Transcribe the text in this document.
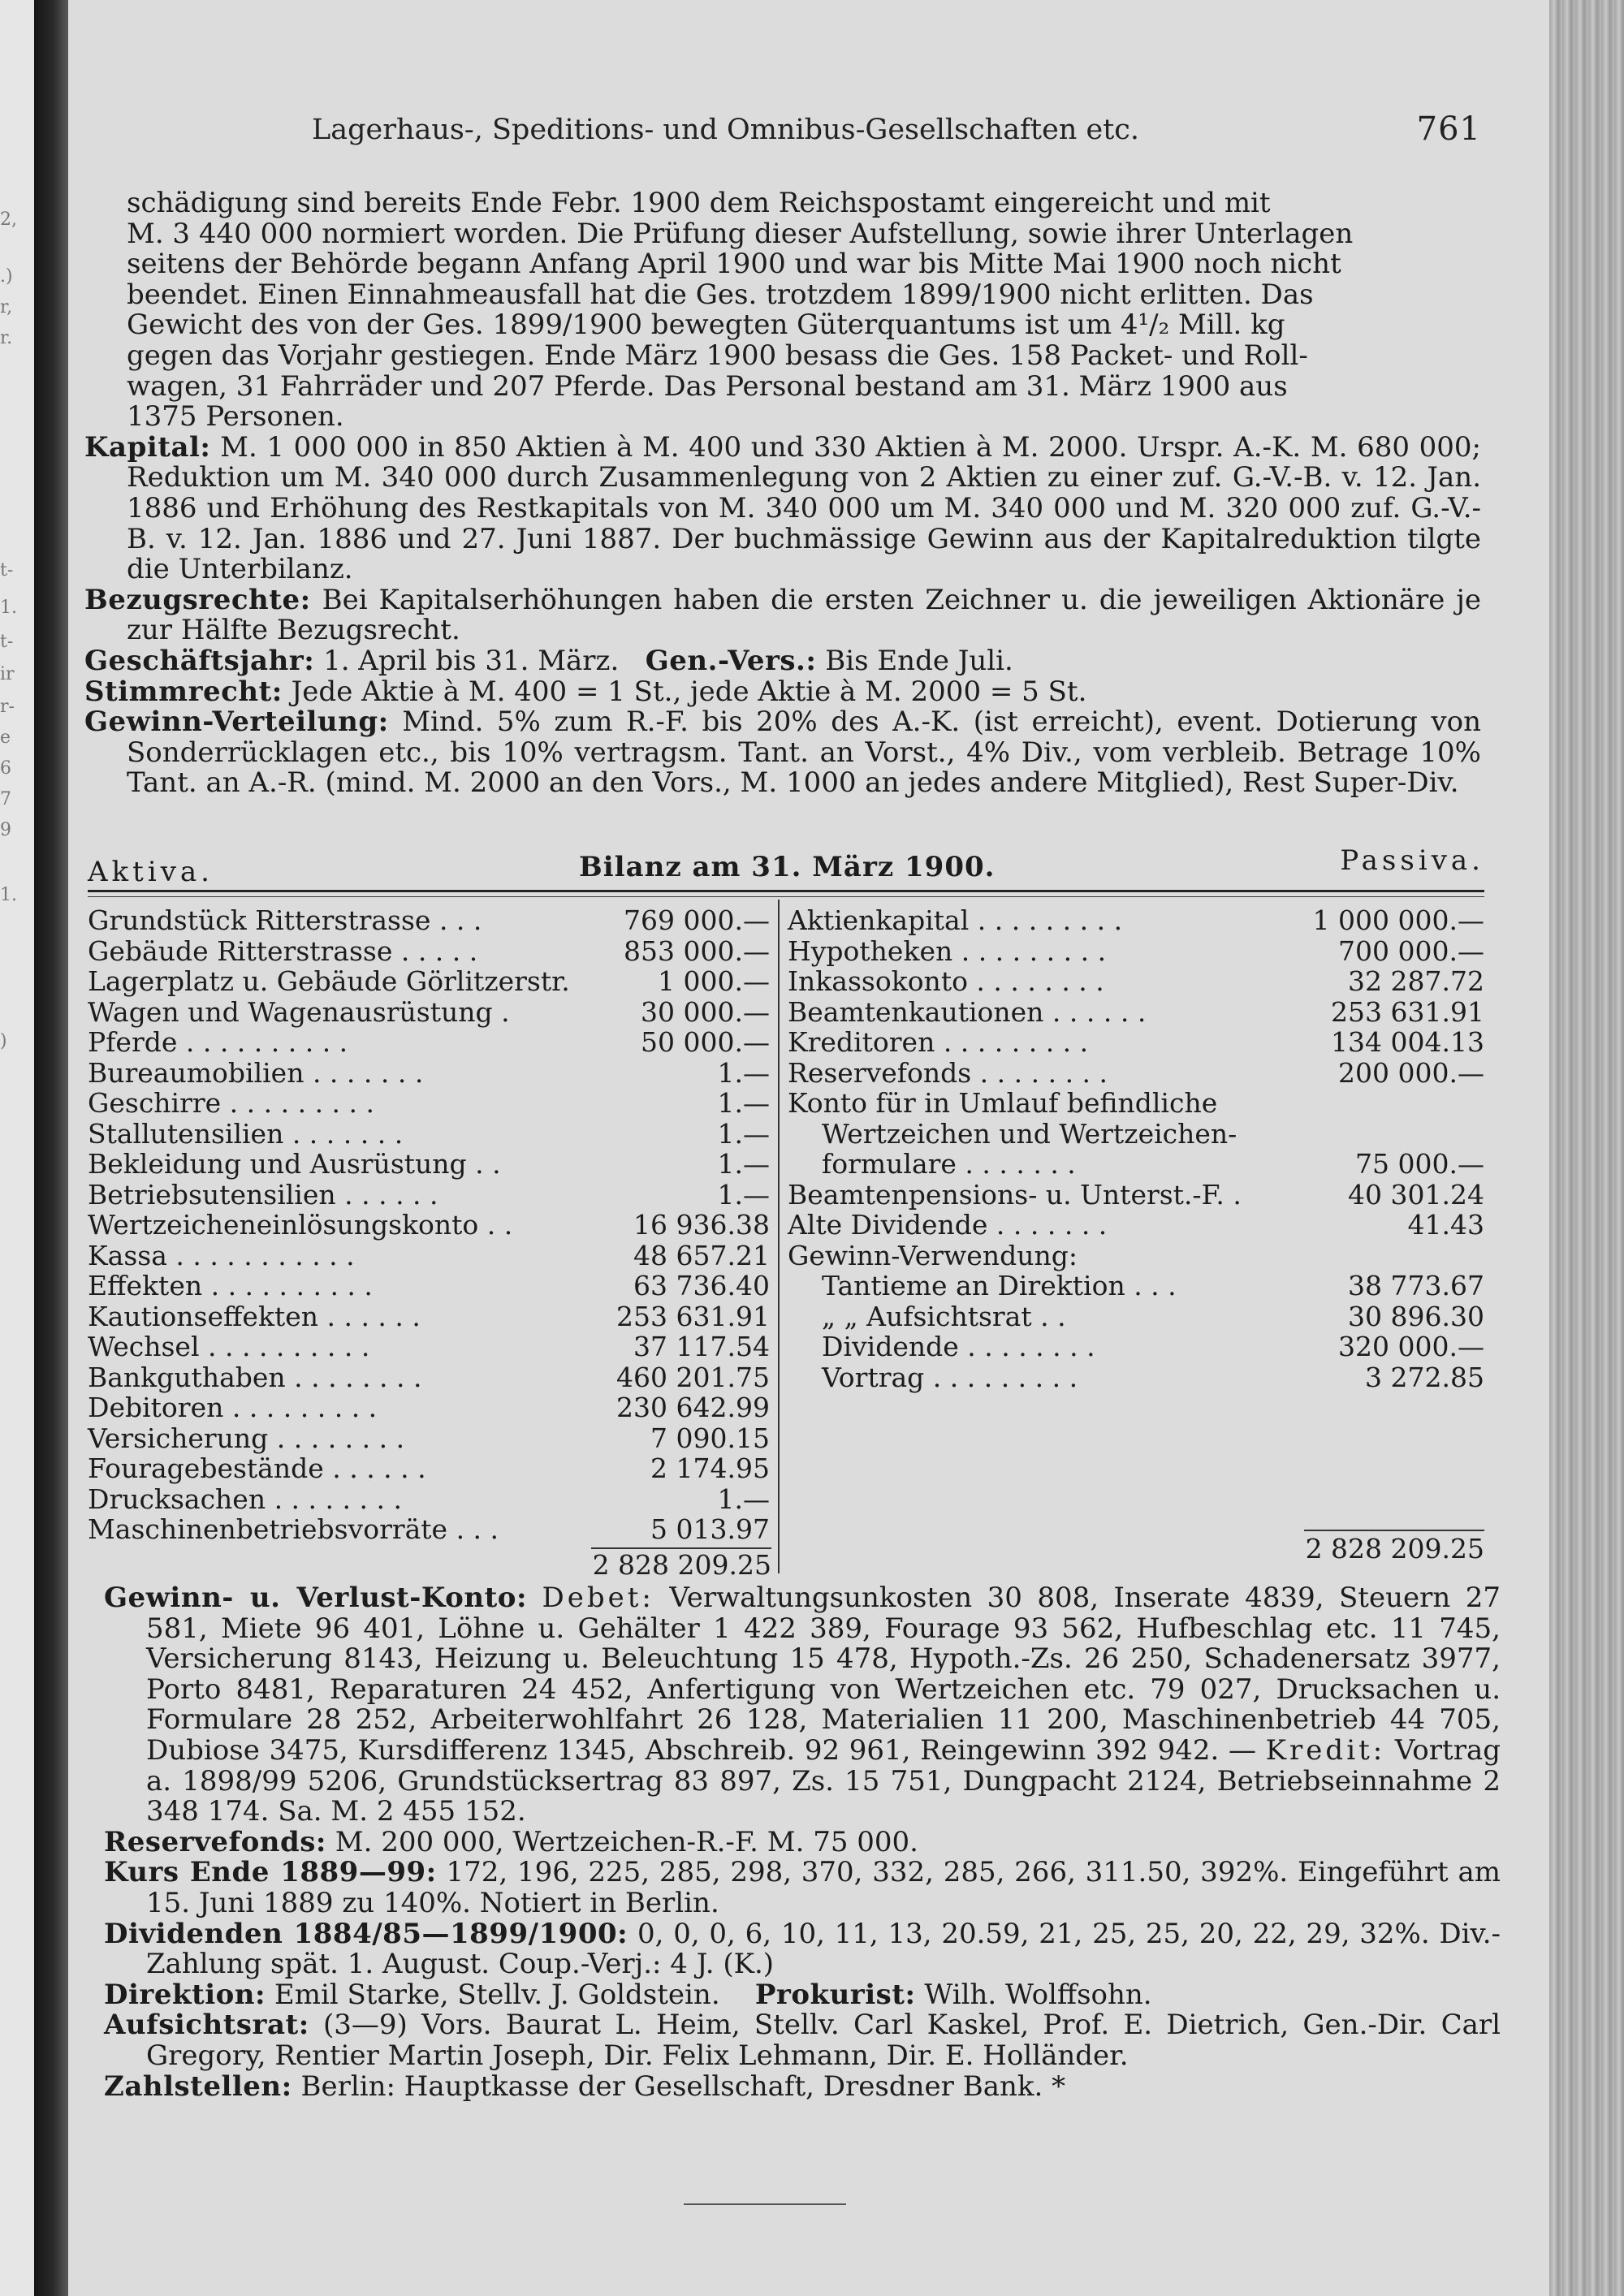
2,
.)
r,
r.
t-
1.
t-
ir
r-
e
6
7
9
1.
)
Lagerhaus-, Speditions- und Omnibus-Gesellschaften etc.	761

schädigung sind bereits Ende Febr. 1900 dem Reichspostamt eingereicht und mit

M. 3 440 000 normiert worden. Die Prüfung dieser Aufstellung, sowie ihrer Unterlagen

seitens der Behörde begann Anfang April 1900 und war bis Mitte Mai 1900 noch nicht

beendet. Einen Einnahmeausfall hat die Ges. trotzdem 1899/1900 nicht erlitten. Das

Gewicht des von der Ges. 1899/1900 bewegten Güterquantums ist um 4¹/₂ Mill. kg

gegen das Vorjahr gestiegen. Ende März 1900 besass die Ges. 158 Packet- und Roll-

wagen, 31 Fahrräder und 207 Pferde. Das Personal bestand am 31. März 1900 aus

1375 Personen.

Kapital: M. 1 000 000 in 850 Aktien à M. 400 und 330 Aktien à M. 2000. Urspr. A.-K. M. 680 000; Reduktion um M. 340 000 durch Zusammenlegung von 2 Aktien zu einer zuf. G.-V.-B. v. 12. Jan. 1886 und Erhöhung des Restkapitals von M. 340 000 um M. 340 000 und M. 320 000 zuf. G.-V.-B. v. 12. Jan. 1886 und 27. Juni 1887. Der buchmässige Gewinn aus der Kapitalreduktion tilgte die Unterbilanz.

Bezugsrechte: Bei Kapitalserhöhungen haben die ersten Zeichner u. die jeweiligen Aktionäre je zur Hälfte Bezugsrecht.

Geschäftsjahr: 1. April bis 31. März. Gen.-Vers.: Bis Ende Juli.

Stimmrecht: Jede Aktie à M. 400 = 1 St., jede Aktie à M. 2000 = 5 St.

Gewinn-Verteilung: Mind. 5% zum R.-F. bis 20% des A.-K. (ist erreicht), event. Dotierung von Sonderrücklagen etc., bis 10% vertragsm. Tant. an Vorst., 4% Div., vom verbleib. Betrage 10% Tant. an A.-R. (mind. M. 2000 an den Vors., M. 1000 an jedes andere Mitglied), Rest Super-Div.

Aktiva.	Bilanz am 31. März 1900.	Passiva.
Grundstück Ritterstrasse . . .	769 000.—
Gebäude Ritterstrasse . . . . .	853 000.—
Lagerplatz u. Gebäude Görlitzerstr.	1 000.—
Wagen und Wagenausrüstung .	30 000.—
Pferde . . . . . . . . . .	50 000.—
Bureaumobilien . . . . . . .	1.—
Geschirre . . . . . . . . .	1.—
Stallutensilien . . . . . . .	1.—
Bekleidung und Ausrüstung . .	1.—
Betriebsutensilien . . . . . .	1.—
Wertzeicheneinlösungskonto . .	16 936.38
Kassa . . . . . . . . . . .	48 657.21
Effekten . . . . . . . . . .	63 736.40
Kautionseffekten . . . . . .	253 631.91
Wechsel . . . . . . . . . .	37 117.54
Bankguthaben . . . . . . . .	460 201.75
Debitoren . . . . . . . . .	230 642.99
Versicherung . . . . . . . .	7 090.15
Fouragebestände . . . . . .	2 174.95
Drucksachen . . . . . . . .	1.—
Maschinenbetriebsvorräte . . .	5 013.97
2 828 209.25
Aktienkapital . . . . . . . . .	1 000 000.—
Hypotheken . . . . . . . . .	700 000.—
Inkassokonto . . . . . . . .	32 287.72
Beamtenkautionen . . . . . .	253 631.91
Kreditoren . . . . . . . . .	134 004.13
Reservefonds . . . . . . . .	200 000.—
Konto für in Umlauf befindliche
Wertzeichen und Wertzeichen-
formulare . . . . . . .	75 000.—
Beamtenpensions- u. Unterst.-F. .	40 301.24
Alte Dividende . . . . . . .	41.43
Gewinn-Verwendung:
Tantieme an Direktion . . .	38 773.67
„ „ Aufsichtsrat . .	30 896.30
Dividende . . . . . . . .	320 000.—
Vortrag . . . . . . . . .	3 272.85
2 828 209.25

Gewinn- u. Verlust-Konto: Debet: Verwaltungsunkosten 30 808, Inserate 4839, Steuern 27 581, Miete 96 401, Löhne u. Gehälter 1 422 389, Fourage 93 562, Hufbeschlag etc. 11 745, Versicherung 8143, Heizung u. Beleuchtung 15 478, Hypoth.-Zs. 26 250, Schadenersatz 3977, Porto 8481, Reparaturen 24 452, Anfertigung von Wertzeichen etc. 79 027, Drucksachen u. Formulare 28 252, Arbeiterwohlfahrt 26 128, Materialien 11 200, Maschinenbetrieb 44 705, Dubiose 3475, Kursdifferenz 1345, Abschreib. 92 961, Reingewinn 392 942. — Kredit: Vortrag a. 1898/99 5206, Grundstücksertrag 83 897, Zs. 15 751, Dungpacht 2124, Betriebseinnahme 2 348 174. Sa. M. 2 455 152.

Reservefonds: M. 200 000, Wertzeichen-R.-F. M. 75 000.

Kurs Ende 1889—99: 172, 196, 225, 285, 298, 370, 332, 285, 266, 311.50, 392%. Eingeführt am 15. Juni 1889 zu 140%. Notiert in Berlin.

Dividenden 1884/85—1899/1900: 0, 0, 0, 6, 10, 11, 13, 20.59, 21, 25, 25, 20, 22, 29, 32%. Div.-Zahlung spät. 1. August. Coup.-Verj.: 4 J. (K.)

Direktion: Emil Starke, Stellv. J. Goldstein. Prokurist: Wilh. Wolffsohn.

Aufsichtsrat: (3—9) Vors. Baurat L. Heim, Stellv. Carl Kaskel, Prof. E. Dietrich, Gen.-Dir. Carl Gregory, Rentier Martin Joseph, Dir. Felix Lehmann, Dir. E. Holländer.

Zahlstellen: Berlin: Hauptkasse der Gesellschaft, Dresdner Bank. *
